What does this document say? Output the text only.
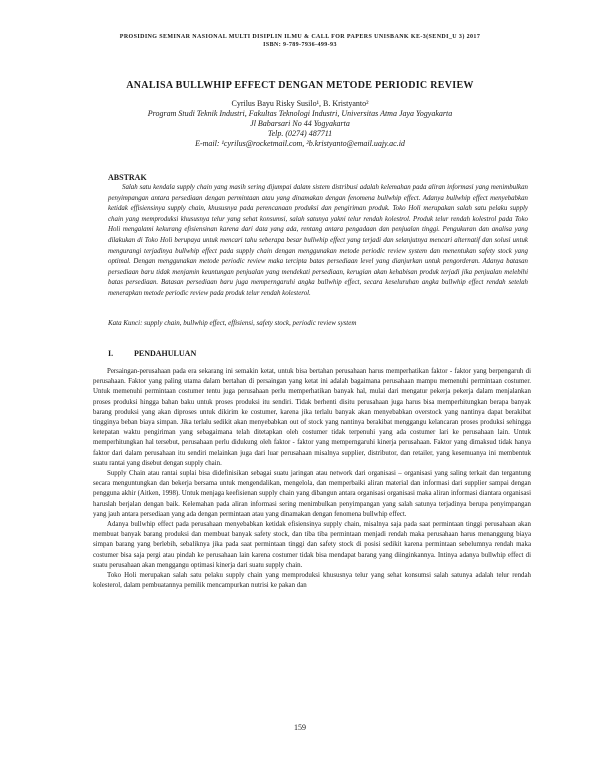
PROSIDING SEMINAR NASIONAL MULTI DISIPLIN ILMU & CALL FOR PAPERS UNISBANK KE-3(SENDI_U 3) 2017
ISBN: 9-789-7936-499-93
ANALISA BULLWHIP EFFECT DENGAN METODE PERIODIC REVIEW
Cyrilus Bayu Risky Susilo¹, B. Kristyanto²
Program Studi Teknik Industri, Fakultas Teknologi Industri, Universitas Atma Jaya Yogyakarta
Jl Babarsari No 44 Yogyakarta
Telp. (0274) 487711
E-mail: ¹cyrilus@rocketmail.com, ²b.kristyanto@email.uajy.ac.id
ABSTRAK

Salah satu kendala supply chain yang masih sering dijumpai dalam sistem distribusi adalah kelemahan pada aliran informasi yang menimbulkan penyimpangan antara persediaan dengan permintaan atau yang dinamakan dengan fenomena bullwhip effect. Adanya bullwhip effect menyebabkan ketidak effisiensinya supply chain, khususnya pada perencanaan produksi dan pengiriman produk. Toko Holi merupakan salah satu pelaku supply chain yang memproduksi khususnya telur yang sehat konsumsi, salah satunya yakni telur rendah kolestrol. Produk telur rendah kolestrol pada Toko Holi mengalami kekurang efisiensinan karena dari data yang ada, rentang antara pengadaan dan penjualan tinggi. Pengukuran dan analisa yang dilakukan di Toko Holi berupaya untuk mencari tahu seberapa besar bullwhip effect yang terjadi dan selanjutnya mencari alternatif dan solusi untuk mengurangi terjadinya bullwhip effect pada supply chain dengan menggunakan metode periodic review system dan menentukan safety stock yang optimal. Dengan menggunakan metode periodic review maka tercipta batas persediaan level yang dianjurkan untuk pengorderan. Adanya batasan persediaan baru tidak menjamin keuntungan penjualan yang mendekati persediaan, kerugian akan kehabisan produk terjadi jika penjualan melebihi batas persediaan. Batasan persediaan baru juga memperngaruhi angka bullwhip effect, secara keseluruhan angka bullwhip effect rendah setelah menerapkan metode periodic review pada produk telur rendah kolesterol.

Kata Kunci: supply chain, bullwhip effect, effisiensi, safety stock, periodic review system
I.	PENDAHULUAN

Persaingan-perusahaan pada era sekarang ini semakin ketat, untuk bisa bertahan perusahaan harus memperhatikan faktor - faktor yang berpengaruh di perusahaan. Faktor yang paling utama dalam bertahan di persaingan yang ketat ini adalah bagaimana perusahaan mampu memenuhi permintaan costumer. Untuk memenuhi permintaan costumer tentu juga perusahaan perlu memperhatikan banyak hal, mulai dari mengatur pekerja pekerja dalam menjalankan proses produksi hingga bahan baku untuk proses produksi itu sendiri. Tidak berhenti disitu perusahaan juga harus bisa memperhitungkan berapa banyak barang produksi yang akan diproses untuk dikirim ke costumer, karena jika terlalu banyak akan menyebabkan overstock yang nantinya dapat berakibat tingginya beban biaya simpan. Jika terlalu sedikit akan menyebabkan out of stock yang nantinya berakibat menggangu kelancaran proses produksi sehingga ketepatan waktu pengiriman yang sebagaimana telah ditetapkan oleh costumer tidak terpenuhi yang ada costumer lari ke perusahaan lain. Untuk memperhitungkan hal tersebut, perusahaan perlu didukung oleh faktor - faktor yang memperngaruhi kinerja perusahaan. Faktor yang dimaksud tidak hanya faktor dari dalam perusahaan itu sendiri melainkan juga dari luar perusahaan misalnya supplier, distributor, dan retailer, yang kesemuanya ini membentuk suatu rantai yang disebut dengan supply chain.

Supply Chain atau rantai suplai bisa didefinisikan sebagai suatu jaringan atau network dari organisasi – organisasi yang saling terkait dan tergantung secara menguntungkan dan bekerja bersama untuk mengendalikan, mengelola, dan memperbaiki aliran material dan informasi dari supplier sampai dengan pengguna akhir (Aitken, 1998). Untuk menjaga keefisienan supply chain yang dibangun antara organisasi organisasi maka aliran informasi diantara organisasi haruslah berjalan dengan baik. Kelemahan pada aliran informasi sering menimbulkan penyimpangan yang salah satunya terjadinya berupa penyimpangan yang jauh antara persediaan yang ada dengan permintaan atau yang dinamakan dengan fenomena bullwhip effect.

Adanya bullwhip effect pada perusahaan menyebabkan ketidak efisiensinya supply chain, misalnya saja pada saat permintaan tinggi perusahaan akan membuat banyak barang produksi dan membuat banyak safety stock, dan tiba tiba permintaan menjadi rendah maka perusahaan harus menanggung biaya simpan barang yang berlebih, sebaliknya jika pada saat permintaan tinggi dan safety stock di posisi sedikit karena permintaan sebelumnya rendah maka costumer bisa saja pergi atau pindah ke perusahaan lain karena costumer tidak bisa mendapat barang yang diinginkannya. Intinya adanya bullwhip effect di suatu perusahaan akan menggangu optimasi kinerja dari suatu supply chain.

Toko Holi merupakan salah satu pelaku supply chain yang memproduksi khususnya telur yang sehat konsumsi salah satunya adalah telur rendah kolesterol, dalam pembuatannya pemilik mencampurkan nutrisi ke pakan dan

159
